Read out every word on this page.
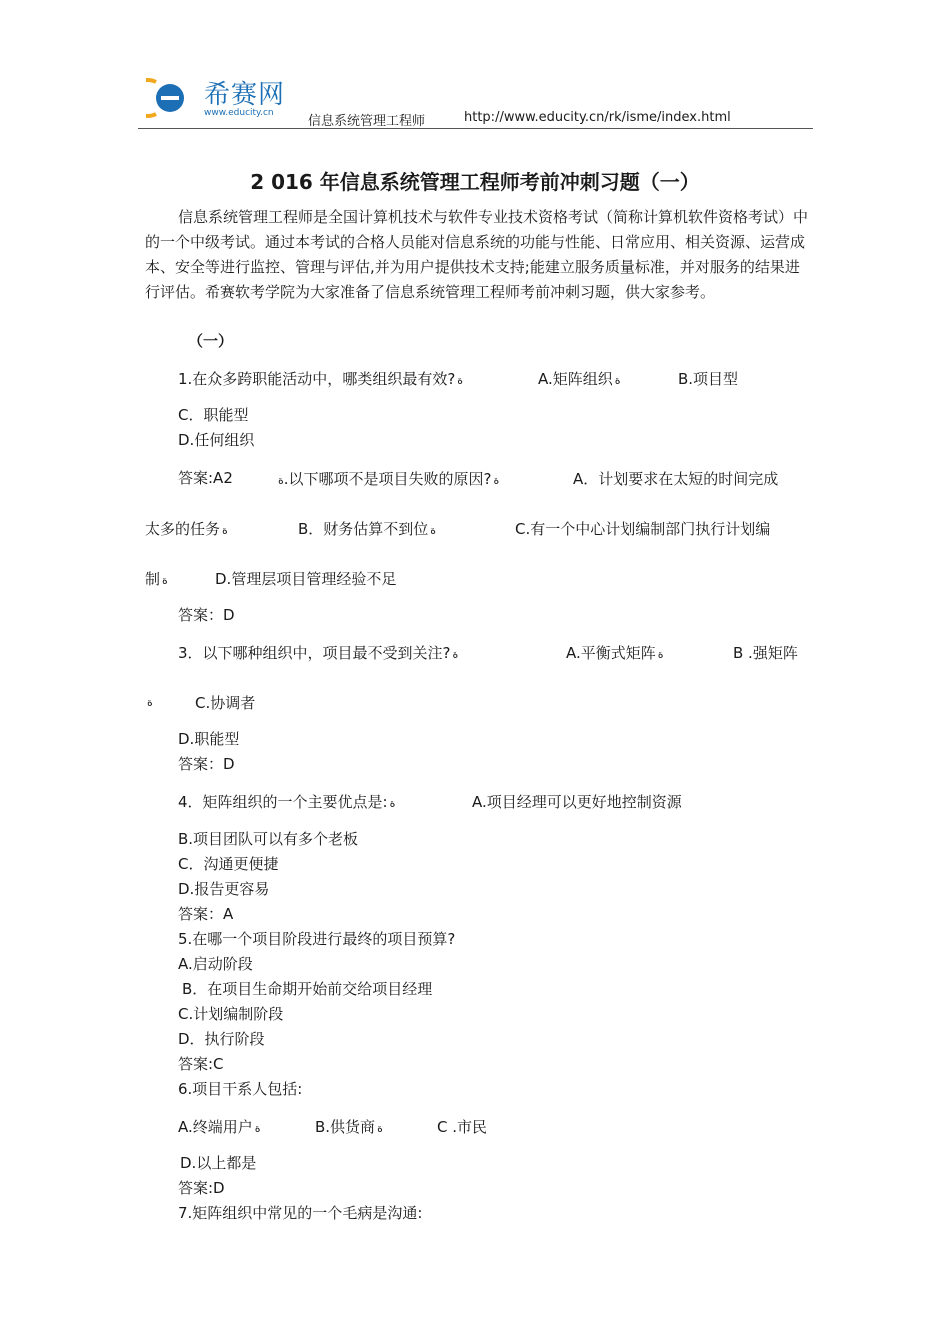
希赛网
www.educity.cn
信息系统管理工程师	http://www.educity.cn/rk/isme/index.html
2 016 年信息系统管理工程师考前冲刺习题（一）
信息系统管理工程师是全国计算机技术与软件专业技术资格考试（简称计算机软件资格考试）中的一个中级考试。通过本考试的合格人员能对信息系统的功能与性能、日常应用、相关资源、运营成本、安全等进行监控、管理与评估,并为用户提供技术支持;能建立服务质量标准，并对服务的结果进行评估。希赛软考学院为大家准备了信息系统管理工程师考前冲刺习题，供大家参考。
（一）
1.在众多跨职能活动中，哪类组织最有效? ة	A.矩阵组织 ة	B.项目型
C．职能型
D.任何组织
答案:A2	ة.以下哪项不是项目失败的原因? ة	A．计划要求在太短的时间完成
太多的任务 ة	B．财务估算不到位 ة	C.有一个中心计划编制部门执行计划编
制 ة	D.管理层项目管理经验不足
答案：D
3．以下哪种组织中，项目最不受到关注? ة	A.平衡式矩阵 ة	B .强矩阵
ة	C.协调者
D.职能型
答案：D
4．矩阵组织的一个主要优点是: ة	A.项目经理可以更好地控制资源
B.项目团队可以有多个老板
C．沟通更便捷
D.报告更容易
答案：A
5.在哪一个项目阶段进行最终的项目预算?
A.启动阶段
B．在项目生命期开始前交给项目经理
C.计划编制阶段
D．执行阶段
答案:C
6.项目干系人包括:
A.终端用户 ة	B.供货商 ة	C .市民
D.以上都是
答案:D
7.矩阵组织中常见的一个毛病是沟通:
